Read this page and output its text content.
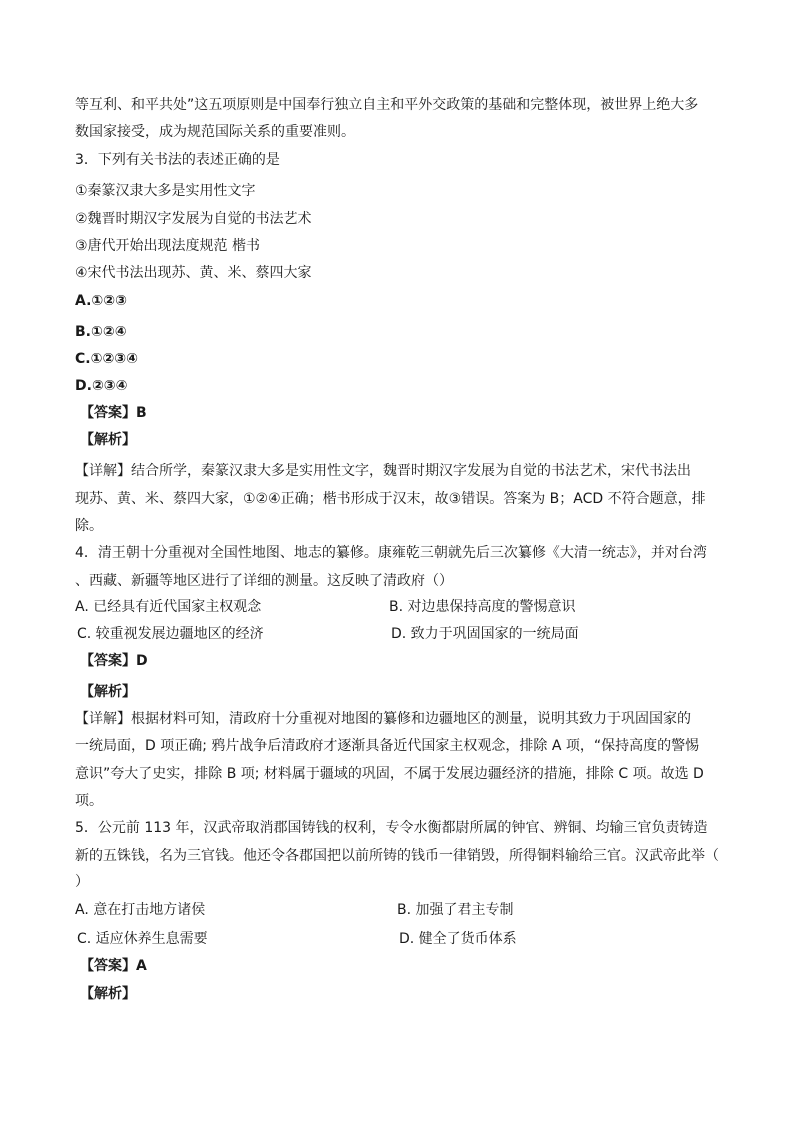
等互利、和平共处”这五项原则是中国奉行独立自主和平外交政策的基础和完整体现，被世界上绝大多
数国家接受，成为规范国际关系的重要准则。
3．下列有关书法的表述正确的是
①秦篆汉隶大多是实用性文字
②魏晋时期汉字发展为自觉的书法艺术
③唐代开始出现法度规范 楷书
④宋代书法出现苏、黄、米、蔡四大家
A.①②③
B.①②④
C.①②③④
D.②③④
【答案】B
【解析】
【详解】结合所学，秦篆汉隶大多是实用性文字，魏晋时期汉字发展为自觉的书法艺术，宋代书法出
现苏、黄、米、蔡四大家，①②④正确；楷书形成于汉末，故③错误。答案为 B；ACD 不符合题意，排
除。
4．清王朝十分重视对全国性地图、地志的纂修。康雍乾三朝就先后三次纂修《大清一统志》，并对台湾
、西藏、新疆等地区进行了详细的测量。这反映了清政府（）
A. 已经具有近代国家主权观念	B. 对边患保持高度的警惕意识
C. 较重视发展边疆地区的经济	D. 致力于巩固国家的一统局面
【答案】D
【解析】
【详解】根据材料可知，清政府十分重视对地图的纂修和边疆地区的测量，说明其致力于巩固国家的
一统局面，D 项正确; 鸦片战争后清政府才逐渐具备近代国家主权观念，排除 A 项，“保持高度的警惕
意识”夸大了史实，排除 B 项; 材料属于疆域的巩固，不属于发展边疆经济的措施，排除 C 项。故选 D
项。
5．公元前 113 年，汉武帝取消郡国铸钱的权利，专令水衡都尉所属的钟官、辨铜、均输三官负责铸造
新的五铢钱，名为三官钱。他还令各郡国把以前所铸的钱币一律销毁，所得铜料输给三官。汉武帝此举（
）
A. 意在打击地方诸侯	B. 加强了君主专制
C. 适应休养生息需要	D. 健全了货币体系
【答案】A
【解析】
